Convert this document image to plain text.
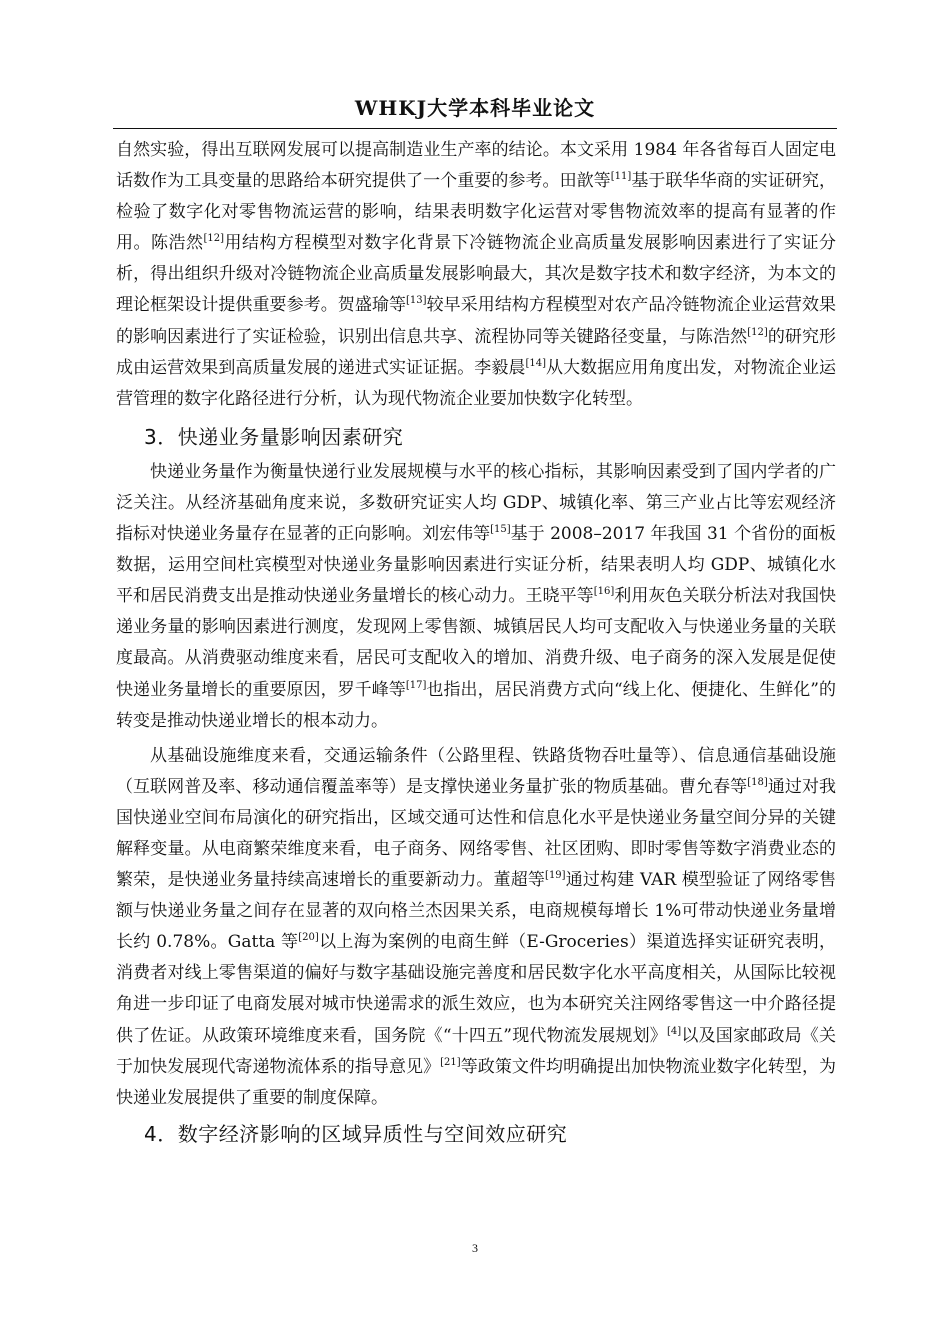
WHKJ大学本科毕业论文

自然实验，得出互联网发展可以提高制造业生产率的结论。本文采用 1984 年各省每百人固定电话数作为工具变量的思路给本研究提供了一个重要的参考。田歆等[11]基于联华华商的实证研究，检验了数字化对零售物流运营的影响，结果表明数字化运营对零售物流效率的提高有显著的作用。陈浩然[12]用结构方程模型对数字化背景下冷链物流企业高质量发展影响因素进行了实证分析，得出组织升级对冷链物流企业高质量发展影响最大，其次是数字技术和数字经济，为本文的理论框架设计提供重要参考。贺盛瑜等[13]较早采用结构方程模型对农产品冷链物流企业运营效果的影响因素进行了实证检验，识别出信息共享、流程协同等关键路径变量，与陈浩然[12]的研究形成由运营效果到高质量发展的递进式实证证据。李毅晨[14]从大数据应用角度出发，对物流企业运营管理的数字化路径进行分析，认为现代物流企业要加快数字化转型。

3．快递业务量影响因素研究

快递业务量作为衡量快递行业发展规模与水平的核心指标，其影响因素受到了国内学者的广泛关注。从经济基础角度来说，多数研究证实人均 GDP、城镇化率、第三产业占比等宏观经济指标对快递业务量存在显著的正向影响。刘宏伟等[15]基于 2008–2017 年我国 31 个省份的面板数据，运用空间杜宾模型对快递业务量影响因素进行实证分析，结果表明人均 GDP、城镇化水平和居民消费支出是推动快递业务量增长的核心动力。王晓平等[16]利用灰色关联分析法对我国快递业务量的影响因素进行测度，发现网上零售额、城镇居民人均可支配收入与快递业务量的关联度最高。从消费驱动维度来看，居民可支配收入的增加、消费升级、电子商务的深入发展是促使快递业务量增长的重要原因，罗千峰等[17]也指出，居民消费方式向“线上化、便捷化、生鲜化”的转变是推动快递业增长的根本动力。

从基础设施维度来看，交通运输条件（公路里程、铁路货物吞吐量等）、信息通信基础设施（互联网普及率、移动通信覆盖率等）是支撑快递业务量扩张的物质基础。曹允春等[18]通过对我国快递业空间布局演化的研究指出，区域交通可达性和信息化水平是快递业务量空间分异的关键解释变量。从电商繁荣维度来看，电子商务、网络零售、社区团购、即时零售等数字消费业态的繁荣，是快递业务量持续高速增长的重要新动力。董超等[19]通过构建 VAR 模型验证了网络零售额与快递业务量之间存在显著的双向格兰杰因果关系，电商规模每增长 1%可带动快递业务量增长约 0.78%。Gatta 等[20]以上海为案例的电商生鲜（E-Groceries）渠道选择实证研究表明，消费者对线上零售渠道的偏好与数字基础设施完善度和居民数字化水平高度相关，从国际比较视角进一步印证了电商发展对城市快递需求的派生效应，也为本研究关注网络零售这一中介路径提供了佐证。从政策环境维度来看，国务院《“十四五”现代物流发展规划》[4]以及国家邮政局《关于加快发展现代寄递物流体系的指导意见》[21]等政策文件均明确提出加快物流业数字化转型，为快递业发展提供了重要的制度保障。

4．数字经济影响的区域异质性与空间效应研究
3
